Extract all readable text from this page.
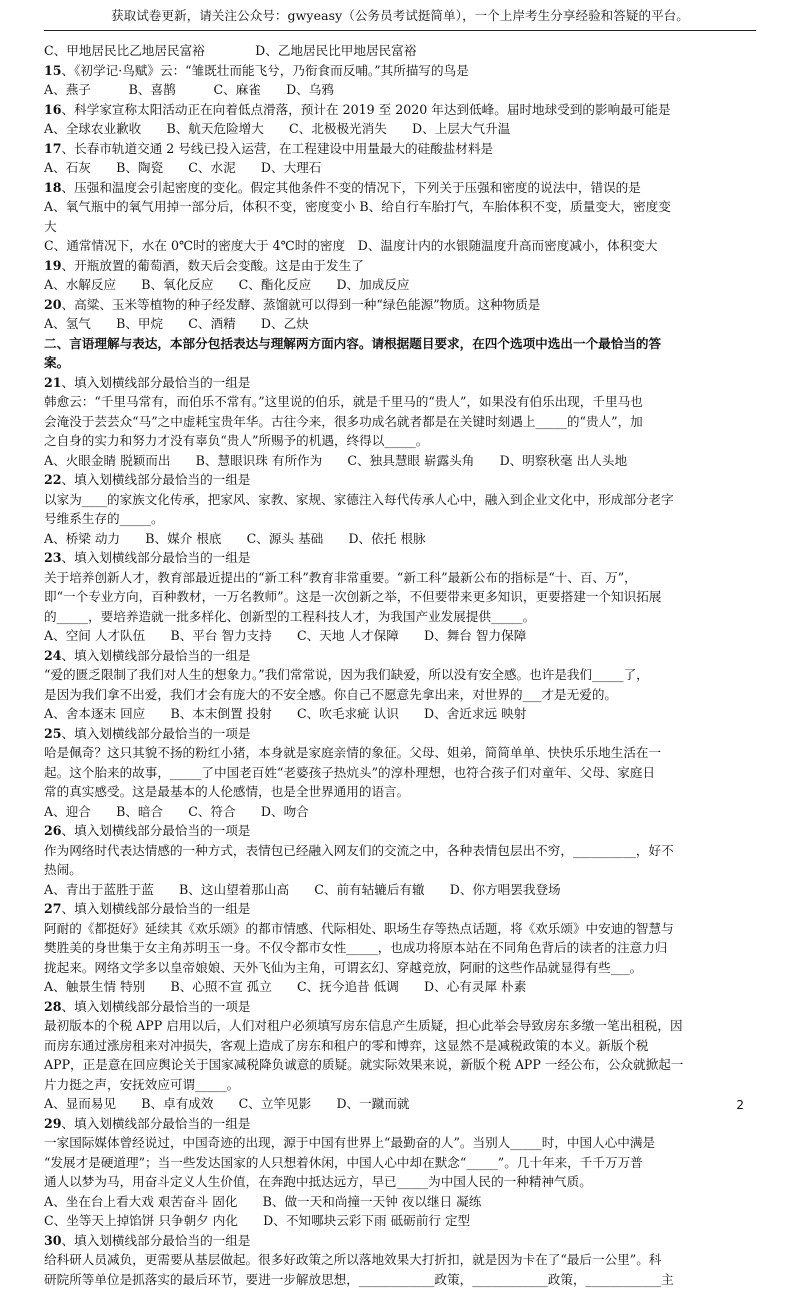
获取试卷更新，请关注公众号：gwyeasy（公务员考试挺简单），一个上岸考生分享经验和答疑的平台。
C、甲地居民比乙地居民富裕　　　　D、乙地居民比甲地居民富裕
15、《初学记·鸟赋》云：“雏既壮而能飞兮，乃衔食而反哺。”其所描写的鸟是
A、燕子　　　B、喜鹊　　　C、麻雀　　D、乌鸦
16、科学家宣称太阳活动正在向着低点滑落，预计在 2019 至 2020 年达到低峰。届时地球受到的影响最可能是
A、全球农业歉收　　B、航天危险增大　　C、北极极光消失　　D、上层大气升温
17、长春市轨道交通 2 号线已投入运营，在工程建设中用量最大的硅酸盐材料是
A、石灰　　B、陶瓷　　C、水泥　　D、大理石
18、压强和温度会引起密度的变化。假定其他条件不变的情况下，下列关于压强和密度的说法中，错误的是
A、氧气瓶中的氧气用掉一部分后，体积不变，密度变小 B、给自行车胎打气，车胎体积不变，质量变大，密度变
大
C、通常情况下，水在 0℃时的密度大于 4℃时的密度　D、温度计内的水银随温度升高而密度减小，体积变大
19、开瓶放置的葡萄酒，数天后会变酸。这是由于发生了
A、水解反应　　B、氧化反应　　C、酯化反应　　D、加成反应
20、高粱、玉米等植物的种子经发酵、蒸馏就可以得到一种“绿色能源”物质。这种物质是
A、氢气　　B、甲烷　　C、酒精　　D、乙炔
二、言语理解与表达，本部分包括表达与理解两方面内容。请根据题目要求，在四个选项中选出一个最恰当的答
案。
21、填入划横线部分最恰当的一组是
韩愈云：“千里马常有，而伯乐不常有。”这里说的伯乐，就是千里马的“贵人”，如果没有伯乐出现，千里马也
会淹没于芸芸众“马”之中虚耗宝贵年华。古往今来，很多功成名就者都是在关键时刻遇上_____的“贵人”，加
之自身的实力和努力才没有辜负“贵人”所赐予的机遇，终得以_____。
A、火眼金睛 脱颖而出　　B、慧眼识珠 有所作为　　C、独具慧眼 崭露头角　　D、明察秋毫 出人头地
22、填入划横线部分最恰当的一组是
以家为____的家族文化传承，把家风、家教、家规、家德注入每代传承人心中，融入到企业文化中，形成部分老字
号维系生存的_____。
A、桥梁 动力　　B、媒介 根底　　C、源头 基础　　D、依托 根脉
23、填入划横线部分最恰当的一组是
关于培养创新人才，教育部最近提出的“新工科”教育非常重要。“新工科”最新公布的指标是“十、百、万”，
即“一个专业方向，百种教材，一万名教师”。这是一次创新之举，不但要带来更多知识，更要搭建一个知识拓展
的_____，要培养造就一批多样化、创新型的工程科技人才，为我国产业发展提供_____。
A、空间 人才队伍　　B、平台 智力支持　　C、天地 人才保障　　D、舞台 智力保障
24、填入划横线部分最恰当的一组是
“爱的匮乏限制了我们对人生的想象力。”我们常常说，因为我们缺爱，所以没有安全感。也许是我们_____了，
是因为我们拿不出爱，我们才会有庞大的不安全感。你自己不愿意先拿出来，对世界的___才是无爱的。
A、舍本逐末 回应　　B、本末倒置 投射　　C、吹毛求疵 认识　　D、舍近求远 映射
25、填入划横线部分最恰当的一项是
哈是佩奇？这只其貌不扬的粉红小猪，本身就是家庭亲情的象征。父母、姐弟，简简单单、快快乐乐地生活在一
起。这个胎来的故事，_____了中国老百姓“老婆孩子热炕头”的淳朴理想，也符合孩子们对童年、父母、家庭日
常的真实感受。这是最基本的人伦感情，也是全世界通用的语言。
A、迎合　　B、暗合　　C、符合　　D、吻合
26、填入划横线部分最恰当的一项是
作为网络时代表达情感的一种方式，表情包已经融入网友们的交流之中，各种表情包层出不穷，__________，好不
热闹。
A、青出于蓝胜于蓝　　B、这山望着那山高　　C、前有轱辘后有辙　　D、你方唱罢我登场
27、填入划横线部分最恰当的一组是
阿耐的《都挺好》延续其《欢乐颂》的都市情感、代际相处、职场生存等热点话题，将《欢乐颂》中安迪的智慧与
樊胜美的身世集于女主角苏明玉一身。不仅令都市女性_____，也成功将原本站在不同角色背后的读者的注意力归
拢起来。网络文学多以皇帝娘娘、天外飞仙为主角，可谓玄幻、穿越竞放，阿耐的这些作品就显得有些___。
A、触景生情 特别　　B、心照不宣 孤立　　C、抚今追昔 低调　　D、心有灵犀 朴素
28、填入划横线部分最恰当的一项是
最初版本的个税 APP 启用以后，人们对租户必须填写房东信息产生质疑，担心此举会导致房东多缴一笔出租税，因
而房东通过涨房租来对冲损失，客观上造成了房东和租户的零和博弈，这显然不是减税政策的本义。新版个税
APP，正是意在回应舆论关于国家减税降负诚意的质疑。就实际效果来说，新版个税 APP 一经公布，公众就掀起一
片力挺之声，安抚效应可谓_____。
A、显而易见　　B、卓有成效　　C、立竿见影　　D、一蹴而就
29、填入划横线部分最恰当的一组是
一家国际媒体曾经说过，中国奇迹的出现，源于中国有世界上“最勤奋的人”。当别人_____时，中国人心中满是
“发展才是硬道理”；当一些发达国家的人只想着休闲，中国人心中却在默念“_____”。几十年来，千千万万普
通人以梦为马，用奋斗定义人生价值，在奔跑中抵达远方，早已_____为中国人民的一种精神气质。
A、坐在台上看大戏 艰苦奋斗 固化　　B、做一天和尚撞一天钟 夜以继日 凝练
C、坐等天上掉馅饼 只争朝夕 内化　　D、不知哪块云彩下雨 砥砺前行 定型
30、填入划横线部分最恰当的一组是
给科研人员减负，更需要从基层做起。很多好政策之所以落地效果大打折扣，就是因为卡在了“最后一公里”。科
研院所等单位是抓落实的最后环节，要进一步解放思想，____________政策，____________政策，____________主
2
